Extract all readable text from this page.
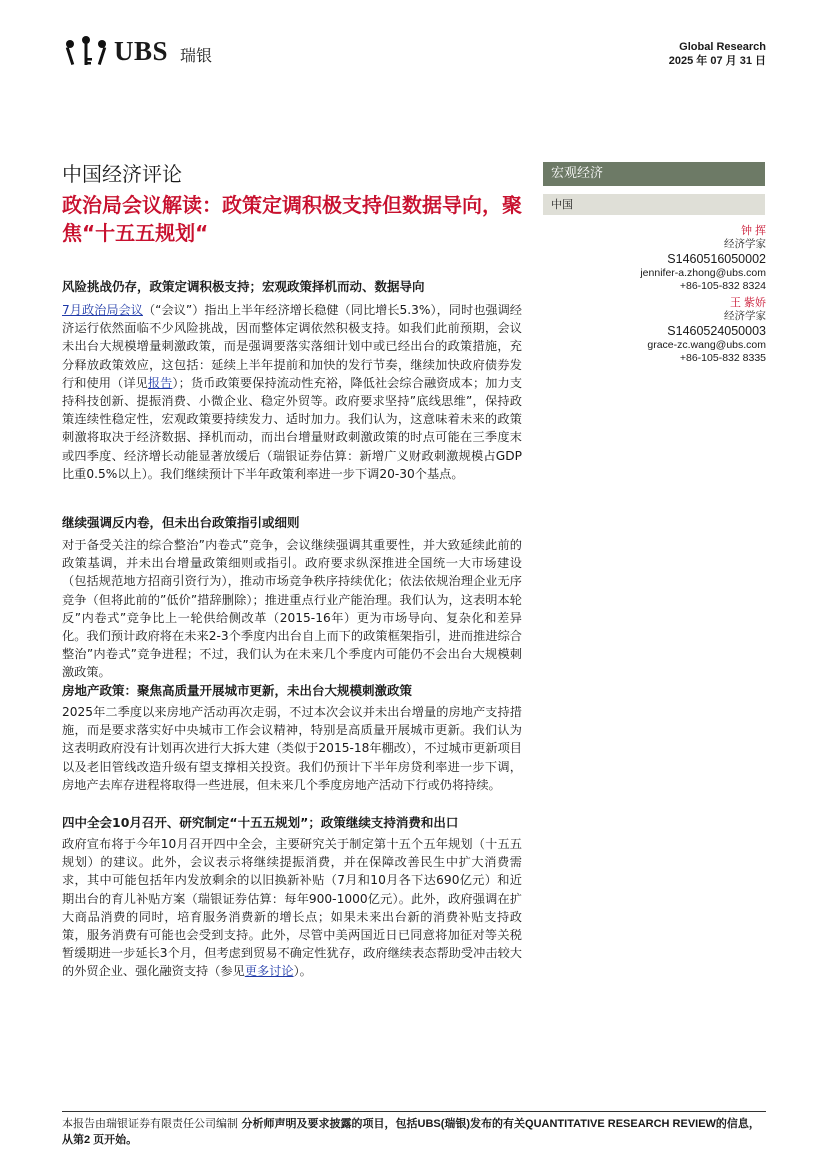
UBS 瑞银	Global Research
2025 年 07 月 31 日
中国经济评论
政治局会议解读：政策定调积极支持但数据导向，聚焦“十五五规划“
宏观经济
中国
钟 挥
经济学家
S1460516050002
jennifer-a.zhong@ubs.com
+86-105-832 8324
王 紫娇
经济学家
S1460524050003
grace-zc.wang@ubs.com
+86-105-832 8335
风险挑战仍存，政策定调积极支持；宏观政策择机而动、数据导向
7月政治局会议（“会议”）指出上半年经济增长稳健（同比增长5.3%），同时也强调经济运行依然面临不少风险挑战，因而整体定调依然积极支持。如我们此前预期，会议未出台大规模增量刺激政策，而是强调要落实落细计划中或已经出台的政策措施，充分释放政策效应，这包括：延续上半年提前和加快的发行节奏，继续加快政府债券发行和使用（详见报告）；货币政策要保持流动性充裕，降低社会综合融资成本；加力支持科技创新、提振消费、小微企业、稳定外贸等。政府要求坚持”底线思维”，保持政策连续性稳定性，宏观政策要持续发力、适时加力。我们认为，这意味着未来的政策刺激将取决于经济数据、择机而动，而出台增量财政刺激政策的时点可能在三季度末或四季度、经济增长动能显著放缓后（瑞银证券估算：新增广义财政刺激规模占GDP比重0.5%以上）。我们继续预计下半年政策利率进一步下调20-30个基点。
继续强调反内卷，但未出台政策指引或细则
对于备受关注的综合整治”内卷式”竞争，会议继续强调其重要性，并大致延续此前的政策基调，并未出台增量政策细则或指引。政府要求纵深推进全国统一大市场建设（包括规范地方招商引资行为），推动市场竞争秩序持续优化；依法依规治理企业无序竞争（但将此前的”低价”措辞删除）；推进重点行业产能治理。我们认为，这表明本轮反”内卷式”竞争比上一轮供给侧改革（2015-16年）更为市场导向、复杂化和差异化。我们预计政府将在未来2-3个季度内出台自上而下的政策框架指引，进而推进综合整治”内卷式”竞争进程；不过，我们认为在未来几个季度内可能仍不会出台大规模刺激政策。
房地产政策：聚焦高质量开展城市更新，未出台大规模刺激政策
2025年二季度以来房地产活动再次走弱，不过本次会议并未出台增量的房地产支持措施，而是要求落实好中央城市工作会议精神，特别是高质量开展城市更新。我们认为这表明政府没有计划再次进行大拆大建（类似于2015-18年棚改），不过城市更新项目以及老旧管线改造升级有望支撑相关投资。我们仍预计下半年房贷利率进一步下调，房地产去库存进程将取得一些进展，但未来几个季度房地产活动下行或仍将持续。
四中全会10月召开、研究制定“十五五规划”；政策继续支持消费和出口
政府宣布将于今年10月召开四中全会，主要研究关于制定第十五个五年规划（十五五规划）的建议。此外，会议表示将继续提振消费，并在保障改善民生中扩大消费需求，其中可能包括年内发放剩余的以旧换新补贴（7月和10月各下达690亿元）和近期出台的育儿补贴方案（瑞银证券估算：每年900-1000亿元）。此外，政府强调在扩大商品消费的同时，培育服务消费新的增长点；如果未来出台新的消费补贴支持政策，服务消费有可能也会受到支持。此外，尽管中美两国近日已同意将加征对等关税暂缓期进一步延长3个月，但考虑到贸易不确定性犹存，政府继续表态帮助受冲击较大的外贸企业、强化融资支持（参见更多讨论）。
本报告由瑞银证券有限责任公司编制 分析师声明及要求披露的项目，包括UBS(瑞银)发布的有关QUANTITATIVE RESEARCH REVIEW的信息，从第2 页开始。
